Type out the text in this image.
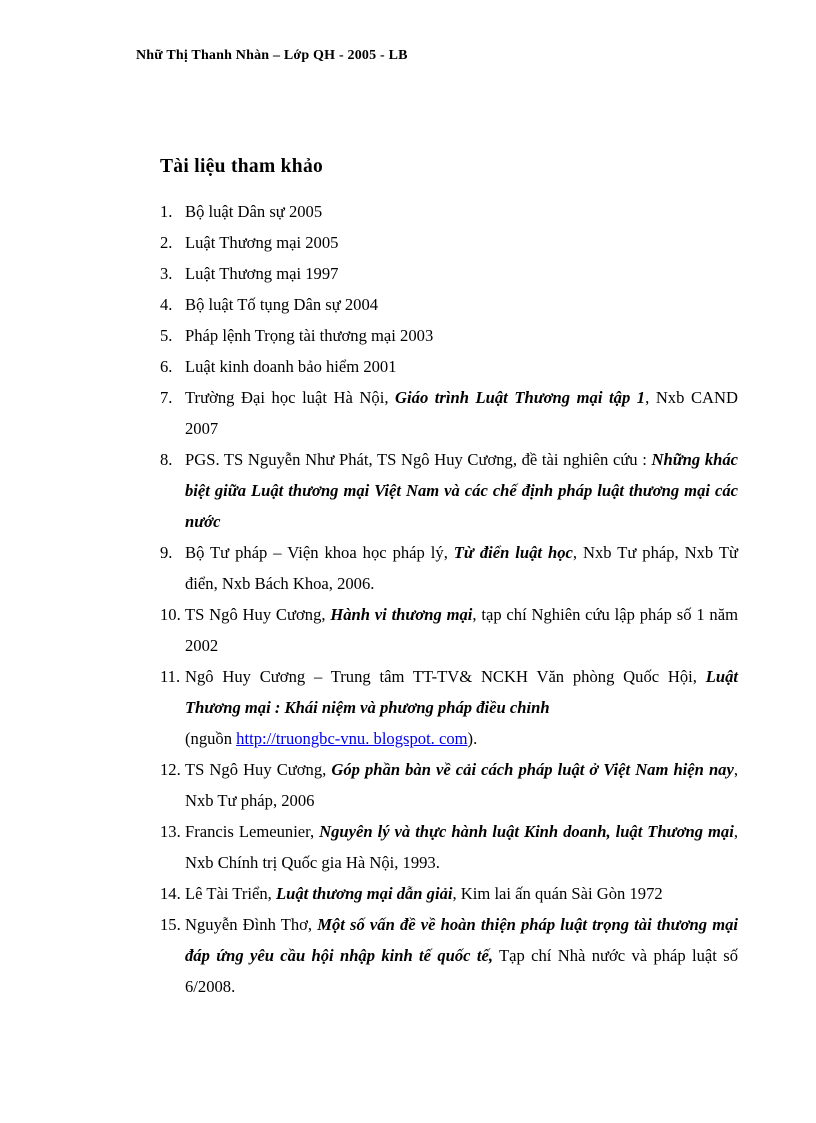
Nhữ Thị Thanh Nhàn – Lớp QH - 2005 - LB
Tài liệu tham khảo
1. Bộ luật Dân sự 2005
2. Luật Thương mại 2005
3. Luật Thương mại 1997
4. Bộ luật Tố tụng Dân sự 2004
5. Pháp lệnh Trọng tài thương mại 2003
6. Luật kinh doanh bảo hiểm 2001
7. Trường Đại học luật Hà Nội, Giáo trình Luật Thương mại tập 1, Nxb CAND 2007
8. PGS. TS Nguyễn Như Phát, TS Ngô Huy Cương, đề tài nghiên cứu : Những khác biệt giữa Luật thương mại Việt Nam và các chế định pháp luật thương mại các nước
9. Bộ Tư pháp – Viện khoa học pháp lý, Từ điển luật học, Nxb Tư pháp, Nxb Từ điển, Nxb Bách Khoa, 2006.
10. TS Ngô Huy Cương, Hành vi thương mại, tạp chí Nghiên cứu lập pháp số 1 năm 2002
11. Ngô Huy Cương – Trung tâm TT-TV& NCKH Văn phòng Quốc Hội, Luật Thương mại : Khái niệm và phương pháp điều chỉnh
(nguồn http://truongbc-vnu. blogspot. com).
12. TS Ngô Huy Cương, Góp phần bàn về cải cách pháp luật ở Việt Nam hiện nay, Nxb Tư pháp, 2006
13. Francis Lemeunier, Nguyên lý và thực hành luật Kinh doanh, luật Thương mại, Nxb Chính trị Quốc gia Hà Nội, 1993.
14. Lê Tài Triển, Luật thương mại dẫn giải, Kim lai ấn quán Sài Gòn 1972
15. Nguyễn Đình Thơ, Một số vấn đề về hoàn thiện pháp luật trọng tài thương mại đáp ứng yêu cầu hội nhập kinh tế quốc tế, Tạp chí Nhà nước và pháp luật số 6/2008.
